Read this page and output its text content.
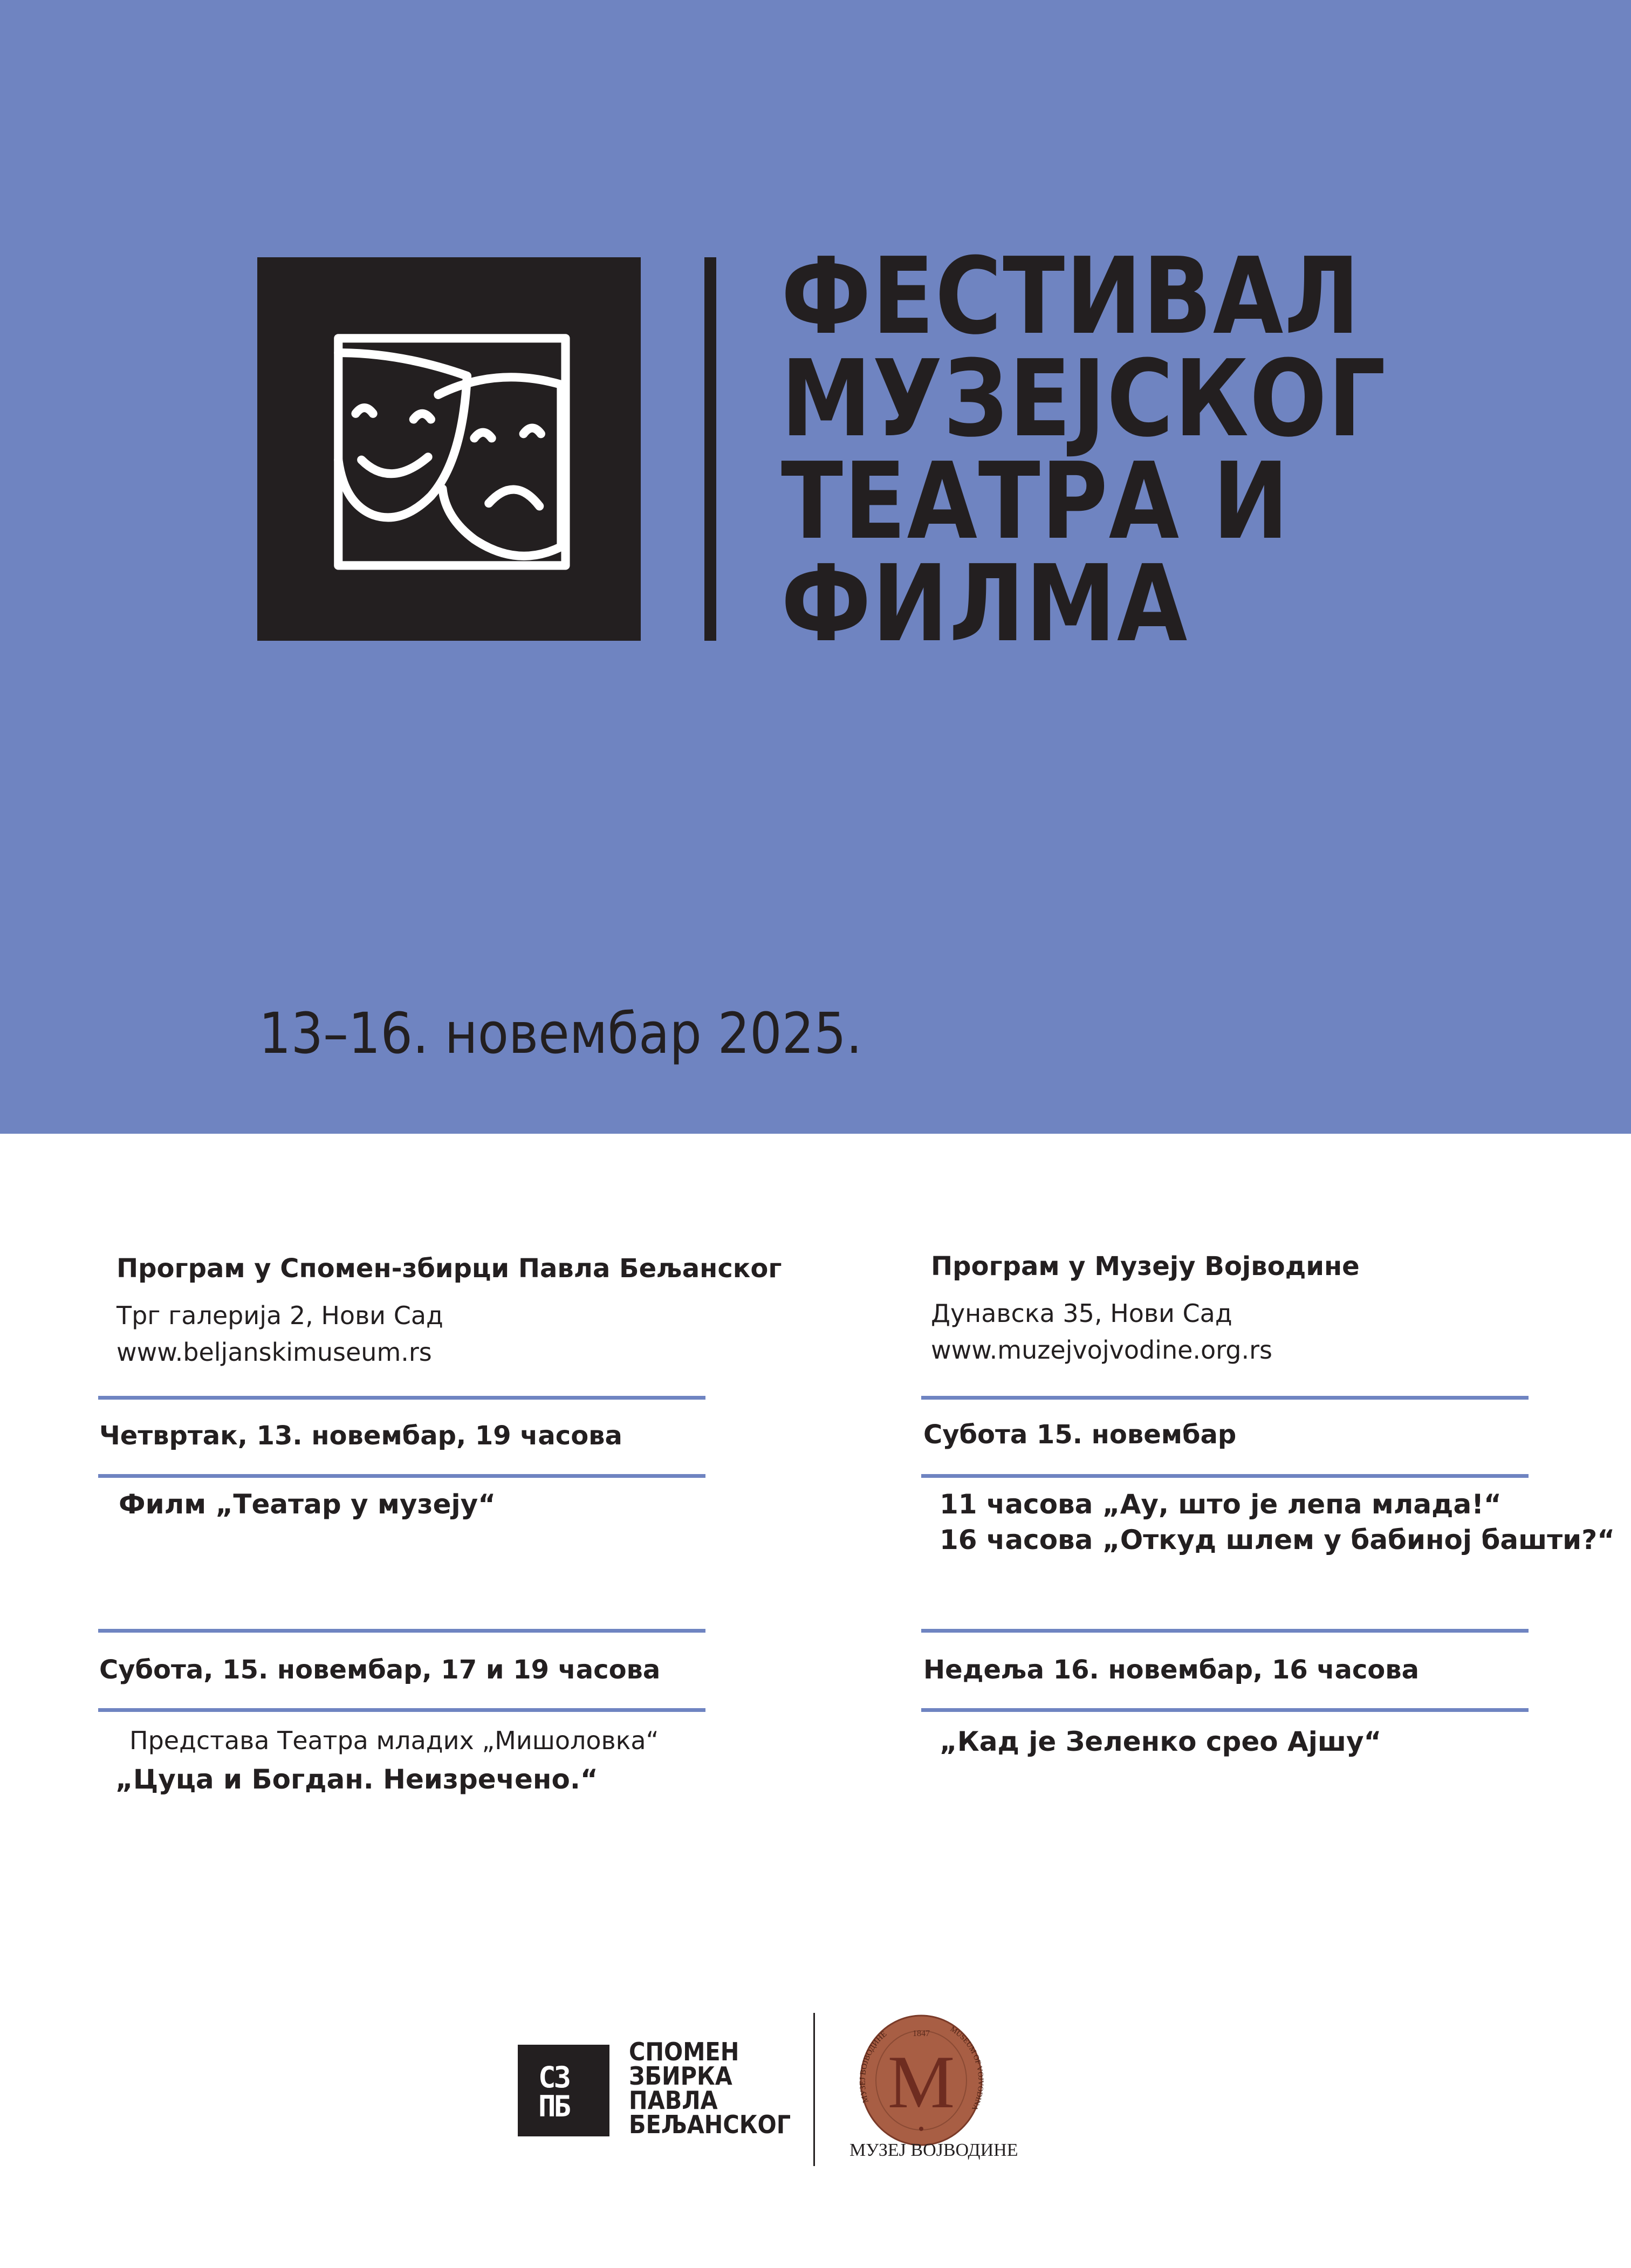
ФЕСТИВАЛ
МУЗЕЈСКОГ
ТЕАТРА И
ФИЛМА
13–16. новембар 2025.
Програм у Спомен-збирци Павла Бељанског
Трг галерија 2, Нови Сад
www.beljanskimuseum.rs
Четвртак, 13. новембар, 19 часова
Филм „Театар у музеју“
Субота, 15. новембар, 17 и 19 часова
Представа Театра младих „Мишоловка“
„Цуца и Богдан. Неизречено.“
Програм у Музеју Војводине
Дунавска 35, Нови Сад
www.muzejvojvodine.org.rs
Субота 15. новембар
11 часова „Ау, што је лепа млада!“
16 часова „Откуд шлем у бабиној башти?“
Недеља 16. новембар, 16 часова
„Кад је Зеленко срео Ајшу“
СЗ
ПБ
СПОМЕН
ЗБИРКА
ПАВЛА
БЕЉАНСКОГ
1847
МУЗЕЈ ВОЈВОДИНЕ	MUSEUM OF VOJVODINA
M
МУЗЕЈ ВОЈВОДИНЕ
